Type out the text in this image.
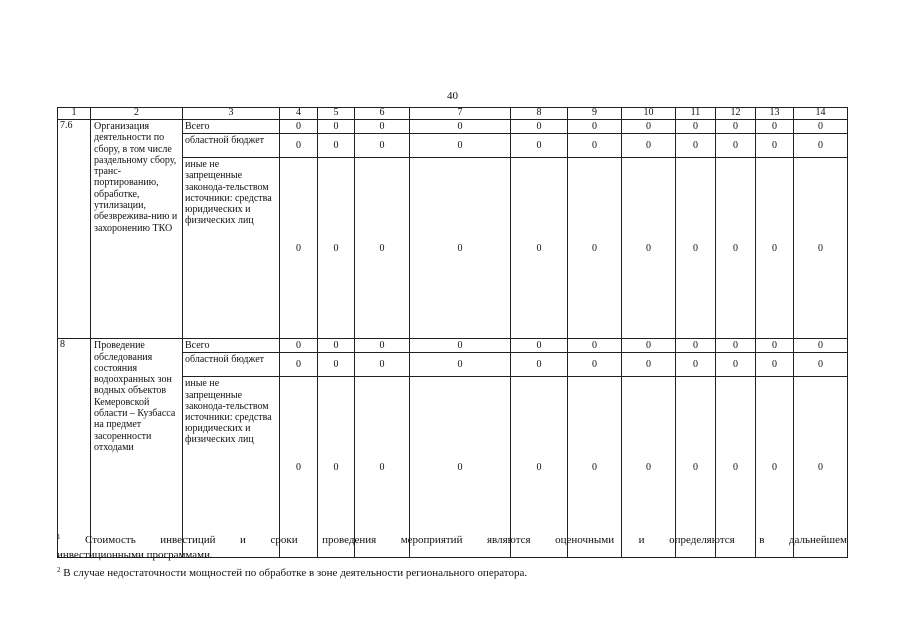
40
1	2	3	4	5	6	7	8	9	10	11	12	13	14
7.6	Организация деятельности по сбору, в том числе раздельному сбору, транс-портированию, обработке, утилизации, обезврежива-нию и захоронению ТКО	Всего	0	0	0	0	0	0	0	0	0	0	0
		областной бюджет	0	0	0	0	0	0	0	0	0	0	0
		иные не запрещенные законода-тельством источники: средства юридических и физических лиц	0	0	0	0	0	0	0	0	0	0	0
8	Проведение обследования состояния водоохранных зон водных объектов Кемеровской области – Кузбасса на предмет засоренности отходами	Всего	0	0	0	0	0	0	0	0	0	0	0
		областной бюджет	0	0	0	0	0	0	0	0	0	0	0
		иные не запрещенные законода-тельством источники: средства юридических и физических лиц	0	0	0	0	0	0	0	0	0	0	0
$^1$ Стоимость инвестиций и сроки проведения мероприятий являются оценочными и определяются в дальнейшем
инвестиционными программами.
$^2$ В случае недостаточности мощностей по обработке в зоне деятельности регионального оператора.
